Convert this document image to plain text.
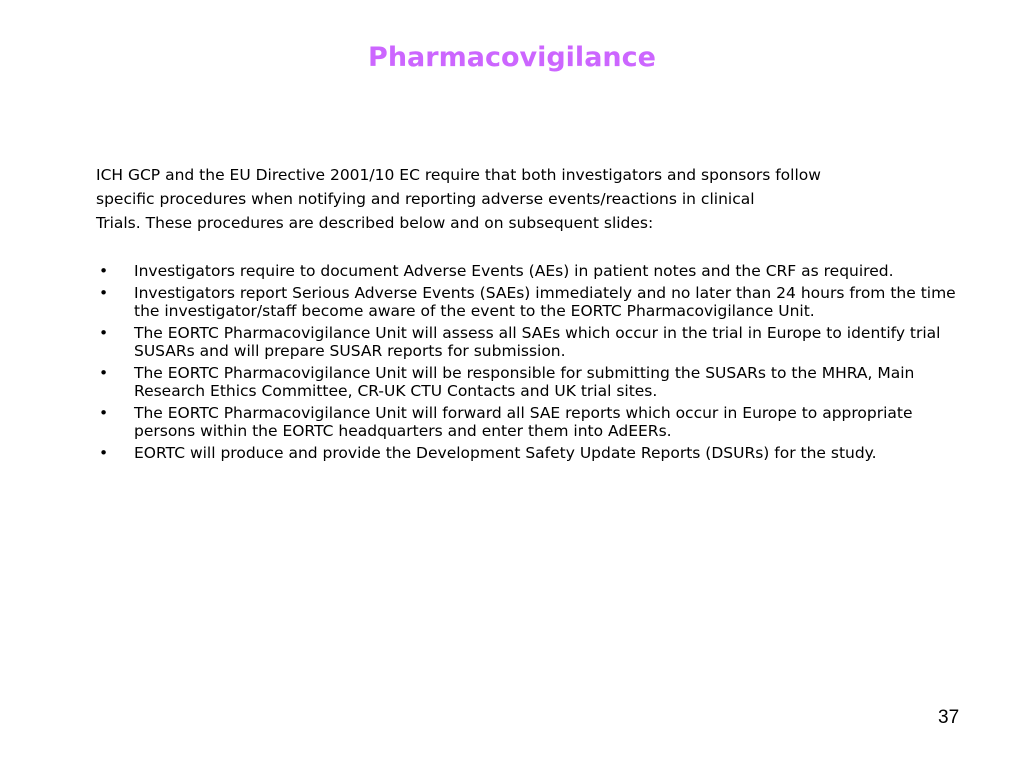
Pharmacovigilance

ICH GCP and the EU Directive 2001/10 EC require that both investigators and sponsors follow
specific procedures when notifying and reporting adverse events/reactions in clinical
Trials. These procedures are described below and on subsequent slides:

• Investigators require to document Adverse Events (AEs) in patient notes and the CRF as required.
• Investigators report Serious Adverse Events (SAEs) immediately and no later than 24 hours from the time the investigator/staff become aware of the event to the EORTC Pharmacovigilance Unit.
• The EORTC Pharmacovigilance Unit will assess all SAEs which occur in the trial in Europe to identify trial SUSARs and will prepare SUSAR reports for submission.
• The EORTC Pharmacovigilance Unit will be responsible for submitting the SUSARs to the MHRA, Main Research Ethics Committee, CR-UK CTU Contacts and UK trial sites.
• The EORTC Pharmacovigilance Unit will forward all SAE reports which occur in Europe to appropriate persons within the EORTC headquarters and enter them into AdEERs.
• EORTC will produce and provide the Development Safety Update Reports (DSURs) for the study.
37
